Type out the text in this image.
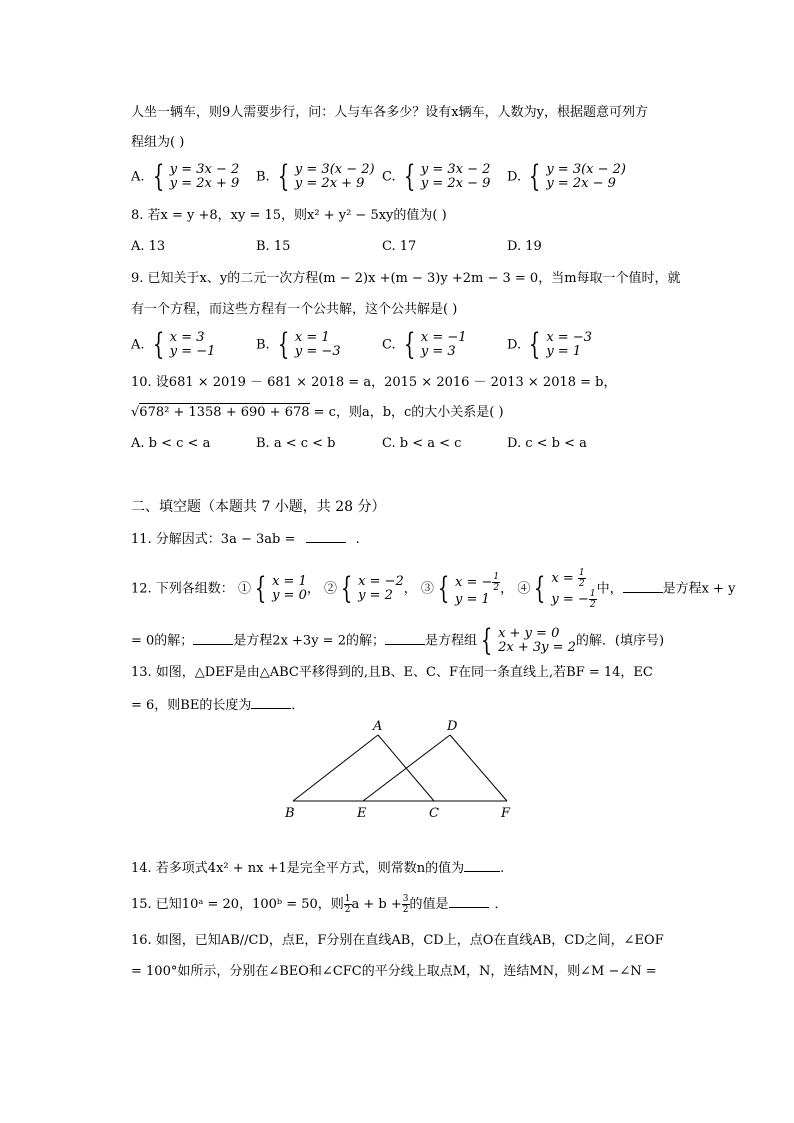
人坐一辆车，则9人需要步行，问：人与车各多少？设有x辆车，人数为y，根据题意可列方
程组为( )
A. { y = 3x − 2
y = 2x + 9 B. { y = 3(x − 2)
y = 2x + 9	C. { y = 3x − 2
y = 2x − 9 D. { y = 3(x − 2)
y = 2x − 9
8. 若x = y +8，xy = 15，则x² + y² − 5xy的值为( )
A. 13	B. 15	C. 17	D. 19
9. 已知关于x、y的二元一次方程(m − 2)x +(m − 3)y +2m − 3 = 0，当m每取一个值时，就
有一个方程，而这些方程有一个公共解，这个公共解是( )
A. { x = 3
y = −1	B. { x = 1
y = −3	C. { x = −1
y = 3	D. { x = −3
y = 1
10. 设681 × 2019 － 681 × 2018 = a，2015 × 2016 － 2013 × 2018 = b，
√678² + 1358 + 690 + 678 = c，则a，b，c的大小关系是( )
A. b < c < a	B. a < c < b	C. b < a < c	D. c < b < a
二、填空题（本题共 7 小题，共 28 分）
11. 分解因式：3a − 3ab =	.
12. 下列各组数： ① { x = 1
y = 0 ， ② { x = −2
y = 2 ， ③ { x = − $\frac{1}{2}$
y = 1
， ④ { $x = \frac{1}{2}$
y = − $\frac{1}{2}$ 中，	是方程x + y
= 0的解；	是方程2x +3y = 2的解；	是方程组 { x + y = 0
2x + 3y = 2 的解．(填序号)
13. 如图，△DEF是由△ABC平移得到的,且B、E、C、F在同一条直线上,若BF = 14，EC
= 6，则BE的长度为	．
A	D
B	E	C	F
14. 若多项式4x² + nx +1是完全平方式，则常数n的值为	.
15. 已知10ᵃ = 20，100ᵇ = 50，则 $\frac{1}{2}$ $a + b + \frac{3}{2}$ 的值是	．
16. 如图，已知AB//CD，点E，F分别在直线AB，CD上，点O在直线AB，CD之间，∠EOF
= 100°如所示，分别在∠BEO和∠CFC的平分线上取点M，N，连结MN，则∠M −∠N =
